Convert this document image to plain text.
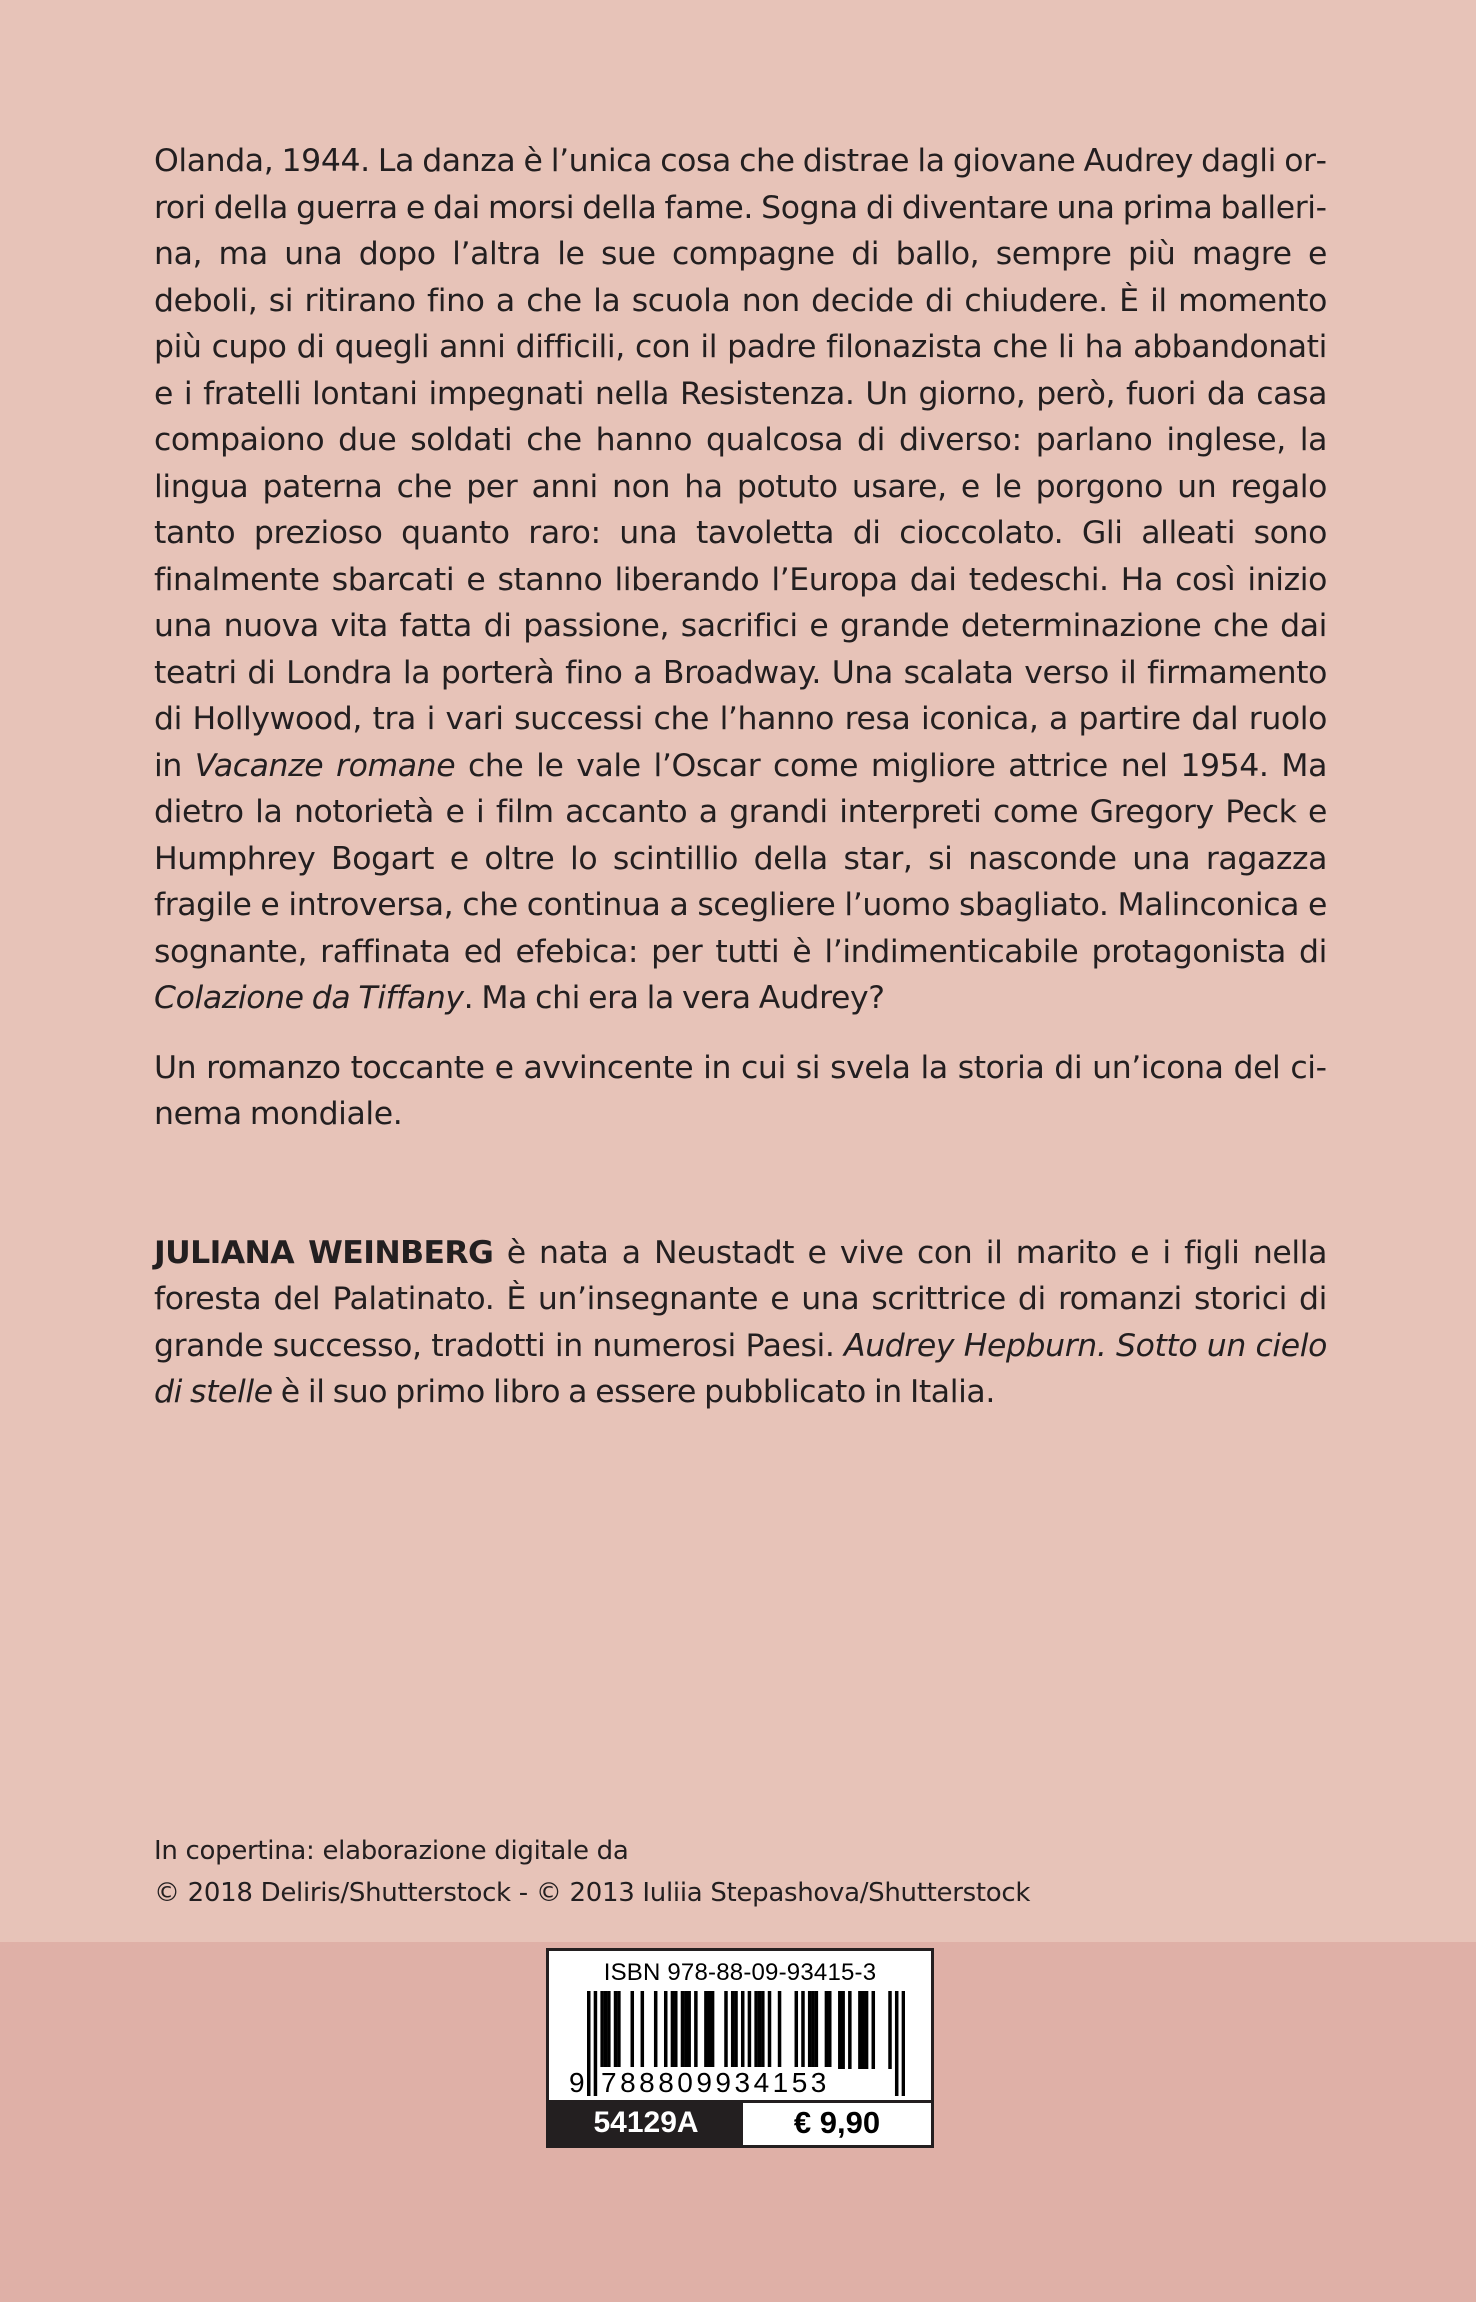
Olanda, 1944. La danza è l’unica cosa che distrae la giovane Audrey dagli orrori della guerra e dai morsi della fame. Sogna di diventare una prima ballerina, ma una dopo l’altra le sue compagne di ballo, sempre più magre e deboli, si ritirano fino a che la scuola non decide di chiudere. È il momento più cupo di quegli anni difficili, con il padre filonazista che li ha abbandonati e i fratelli lontani impegnati nella Resistenza. Un giorno, però, fuori da casa compaiono due soldati che hanno qualcosa di diverso: parlano inglese, la lingua paterna che per anni non ha potuto usare, e le porgono un regalo tanto prezioso quanto raro: una tavoletta di cioccolato. Gli alleati sono finalmente sbarcati e stanno liberando l’Europa dai tedeschi. Ha così inizio una nuova vita fatta di passione, sacrifici e grande determinazione che dai teatri di Londra la porterà fino a Broadway. Una scalata verso il firmamento di Hollywood, tra i vari successi che l’hanno resa iconica, a partire dal ruolo in Vacanze romane che le vale l’Oscar come migliore attrice nel 1954. Ma dietro la notorietà e i film accanto a grandi interpreti come Gregory Peck e Humphrey Bogart e oltre lo scintillio della star, si nasconde una ragazza fragile e introversa, che continua a scegliere l’uomo sbagliato. Malinconica e sognante, raffinata ed efebica: per tutti è l’indimenticabile protagonista di Colazione da Tiffany. Ma chi era la vera Audrey?

Un romanzo toccante e avvincente in cui si svela la storia di un’icona del cinema mondiale.

JULIANA WEINBERG è nata a Neustadt e vive con il marito e i figli nella foresta del Palatinato. È un’insegnante e una scrittrice di romanzi storici di grande successo, tradotti in numerosi Paesi. Audrey Hepburn. Sotto un cielo di stelle è il suo primo libro a essere pubblicato in Italia.

In copertina: elaborazione digitale da
© 2018 Deliris/Shutterstock - © 2013 Iuliia Stepashova/Shutterstock
ISBN 978-88-09-93415-3
9 788809934153
54129A	€ 9,90
